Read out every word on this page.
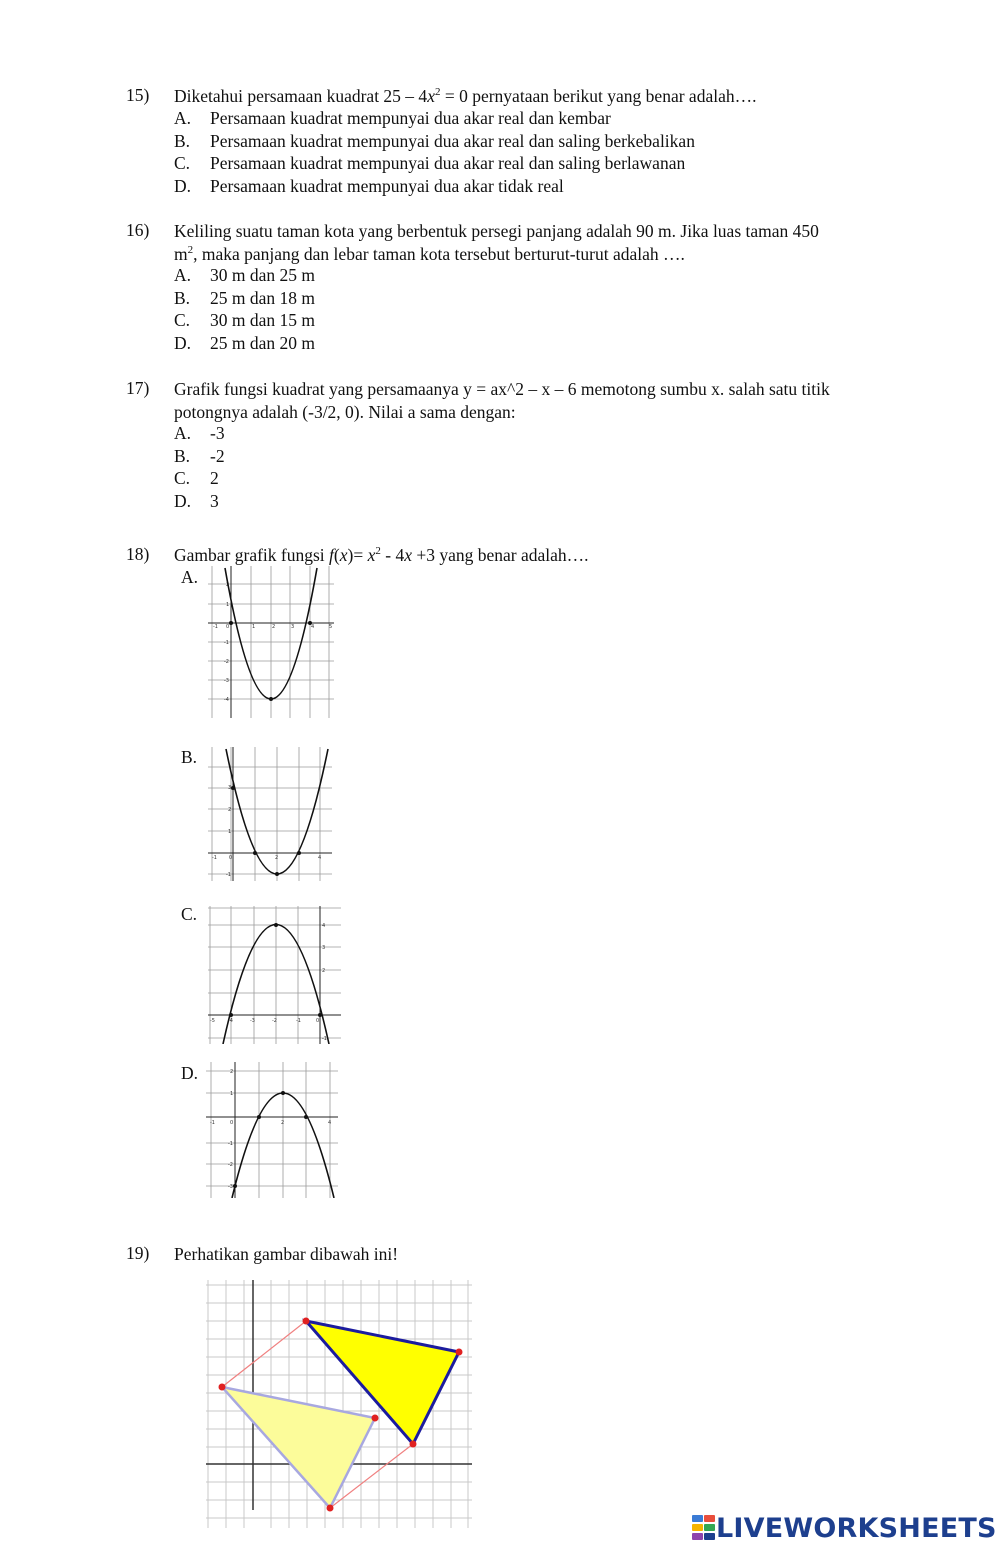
15) Diketahui persamaan kuadrat $25 - 4x^2 = 0$ pernyataan berikut yang benar adalah….
A. Persamaan kuadrat mempunyai dua akar real dan kembar
B. Persamaan kuadrat mempunyai dua akar real dan saling berkebalikan
C. Persamaan kuadrat mempunyai dua akar real dan saling berlawanan
D. Persamaan kuadrat mempunyai dua akar tidak real
16) Keliling suatu taman kota yang berbentuk persegi panjang adalah 90 m. Jika luas taman 450
$m^2$, maka panjang dan lebar taman kota tersebut berturut-turut adalah ….
A. 30 m dan 25 m
B. 25 m dan 18 m
C. 30 m dan 15 m
D. 25 m dan 20 m
17) Grafik fungsi kuadrat yang persamaanya y = ax^2 – x – 6 memotong sumbu x. salah satu titik
potongnya adalah (-3/2, 0). Nilai a sama dengan:
A. -3
B. -2
C. 2
D. 3
18) Gambar grafik fungsi $f(x)= x^2 - 4x +3$ yang benar adalah….
A.
B.
C.
D.
-1 0	1	2	3	4	5
2
1
-1
-2
-3
-4
-1 0	2	4
3
2
1
-1
-5	-4	-3	-2	-1	0
4
3
2
-1
-1	0	2	4
2
1
-1
-2
-3
19) Perhatikan gambar dibawah ini!
LIVEWORKSHEETS
